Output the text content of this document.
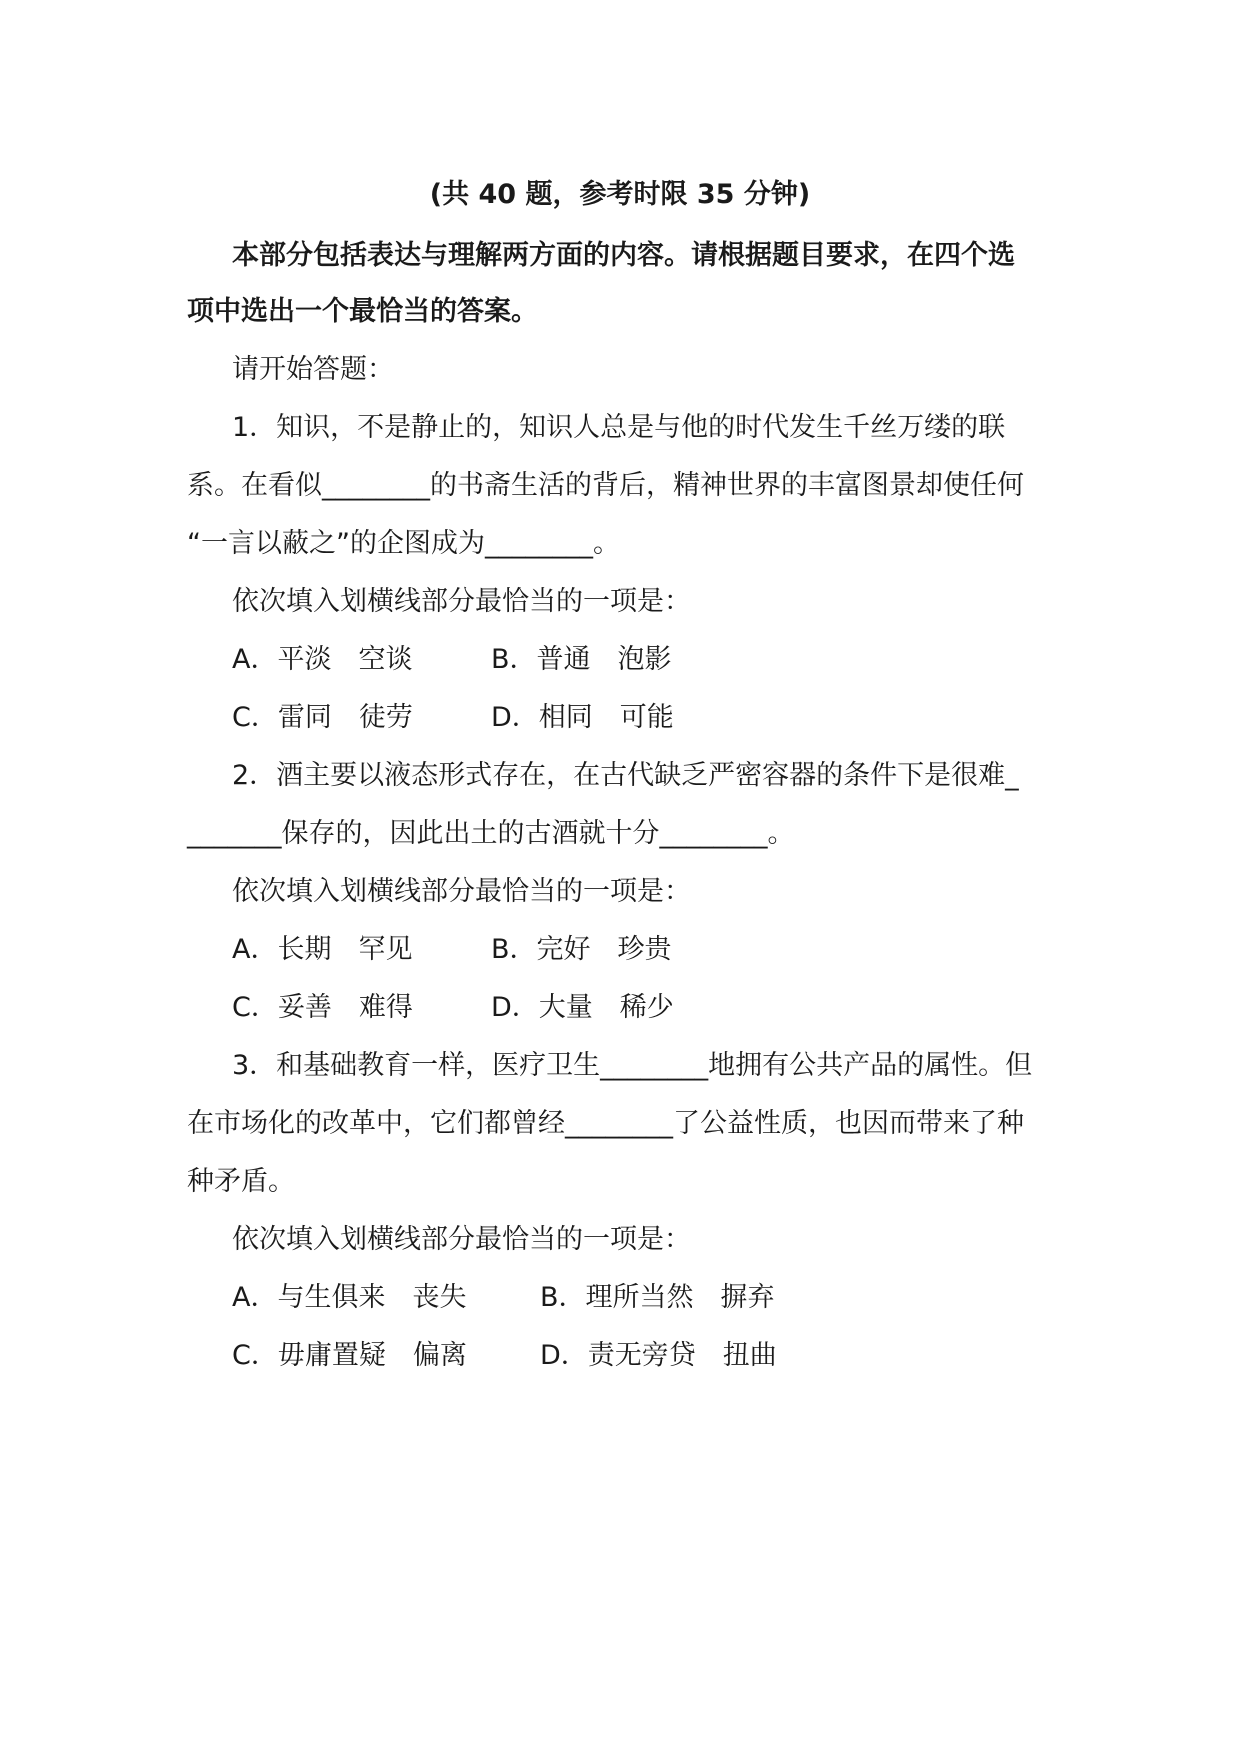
(共 40 题，参考时限 35 分钟)
本部分包括表达与理解两方面的内容。请根据题目要求，在四个选
项中选出一个最恰当的答案。
请开始答题：
1．知识，不是静止的，知识人总是与他的时代发生千丝万缕的联
系。在看似________的书斋生活的背后，精神世界的丰富图景却使任何
“一言以蔽之”的企图成为________。
依次填入划横线部分最恰当的一项是：
A．平淡　空谈	B．普通　泡影
C．雷同　徒劳	D．相同　可能
2．酒主要以液态形式存在，在古代缺乏严密容器的条件下是很难_
_______保存的，因此出土的古酒就十分________。
依次填入划横线部分最恰当的一项是：
A．长期　罕见	B．完好　珍贵
C．妥善　难得	D．大量　稀少
3．和基础教育一样，医疗卫生________地拥有公共产品的属性。但
在市场化的改革中，它们都曾经________了公益性质，也因而带来了种
种矛盾。
依次填入划横线部分最恰当的一项是：
A．与生俱来　丧失	B．理所当然　摒弃
C．毋庸置疑　偏离	D．责无旁贷　扭曲
